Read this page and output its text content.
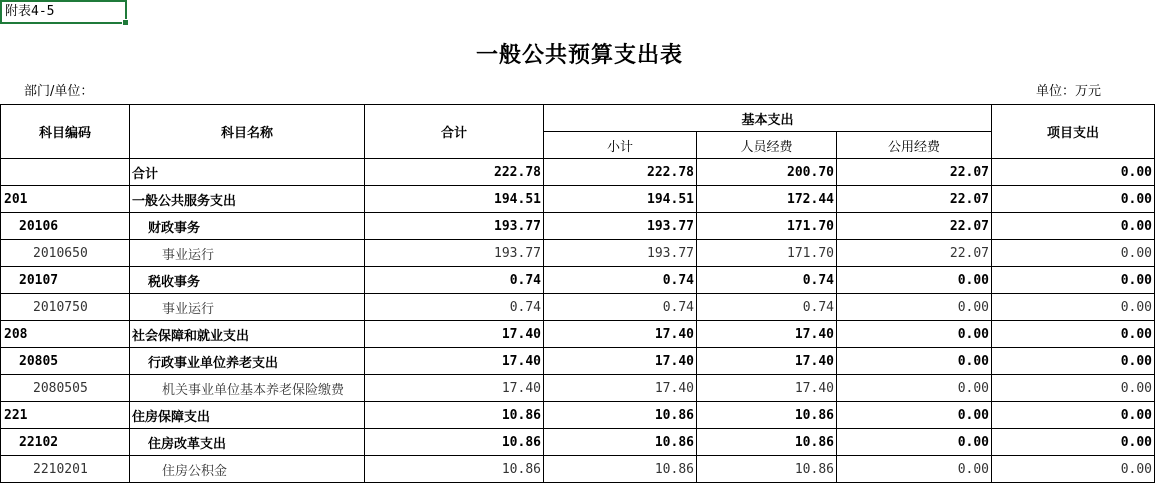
附表4-5
一般公共预算支出表
部门/单位：	单位：万元
科目编码	科目名称	合计	基本支出			项目支出
			小计	人员经费	公用经费	
	合计	222.78	222.78	200.70	22.07	0.00
201	一般公共服务支出	194.51	194.51	172.44	22.07	0.00
20106	财政事务	193.77	193.77	171.70	22.07	0.00
2010650	事业运行	193.77	193.77	171.70	22.07	0.00
20107	税收事务	0.74	0.74	0.74	0.00	0.00
2010750	事业运行	0.74	0.74	0.74	0.00	0.00
208	社会保障和就业支出	17.40	17.40	17.40	0.00	0.00
20805	行政事业单位养老支出	17.40	17.40	17.40	0.00	0.00
2080505	机关事业单位基本养老保险缴费	17.40	17.40	17.40	0.00	0.00
221	住房保障支出	10.86	10.86	10.86	0.00	0.00
22102	住房改革支出	10.86	10.86	10.86	0.00	0.00
2210201	住房公积金	10.86	10.86	10.86	0.00	0.00
